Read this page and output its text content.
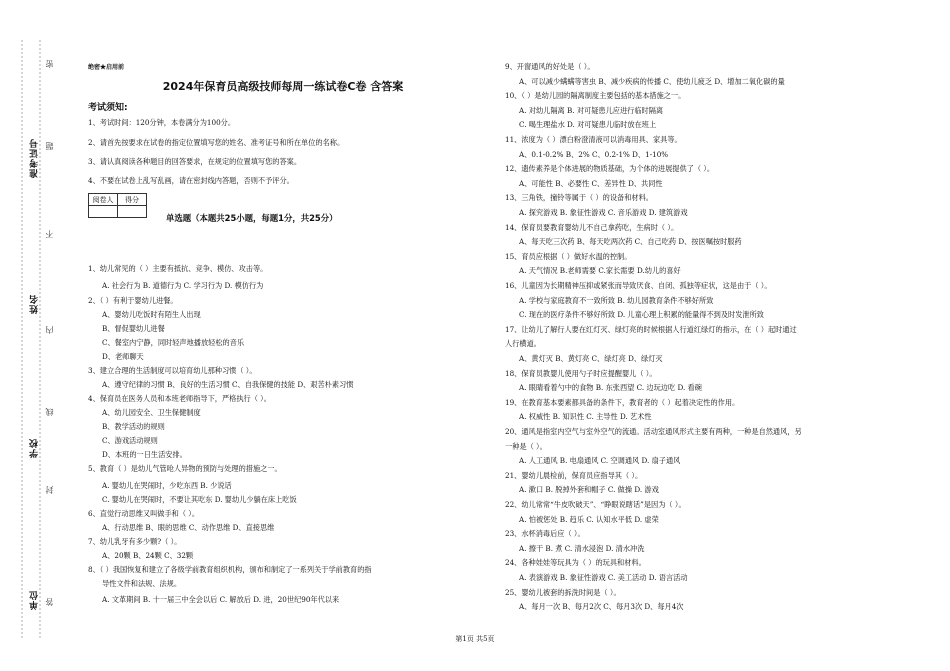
准考证号
姓名
学校
单位
密
题
不
内
线
封
答
绝密★启用前
2024年保育员高级技师每周一练试卷C卷 含答案
考试须知:
1、考试时间：120分钟，本卷满分为100分。
2、请首先按要求在试卷的指定位置填写您的姓名、准考证号和所在单位的名称。
3、请认真阅读各种题目的回答要求，在规定的位置填写您的答案。
4、不要在试卷上乱写乱画，请在密封线内答题，否则不予评分。
阅卷人	得分

单选题（本题共25小题，每题1分，共25分）
1、幼儿常见的（ ）主要有抵抗、竞争、模仿、攻击等。
A. 社会行为 B. 道德行为 C. 学习行为 D. 模仿行为
2、（ ）有利于婴幼儿进餐。
A、婴幼儿吃饭时有陌生人出现
B、督促婴幼儿进餐
C、餐室内宁静，同时轻声地播放轻松的音乐
D、老师聊天
3、建立合理的生活制度可以培育幼儿那种习惯（ ）。
A、遵守纪律的习惯 B、良好的生活习惯 C、自我保健的技能 D、艰苦朴素习惯
4、保育员在医务人员和本班老师指导下，严格执行（ ）。
A、幼儿园安全、卫生保健制度
B、教学活动的规则
C、游戏活动规则
D、本班的一日生活安排。
5、教育（ ）是幼儿气管呛人异物的预防与处理的措施之一。
A. 婴幼儿在哭闹时，少吃东西 B. 少说话
C. 婴幼儿在哭闹时，不要让其吃东 D. 婴幼儿少躺在床上吃饭
6、直觉行动思维又叫做手和（ ）。
A、行动思维 B、眼的思维 C、动作思维 D、直接思维
7、幼儿乳牙有多少颗?（ ）。
A、20颗 B、24颗 C、32颗
8、（ ）我国恢复和建立了各级学前教育组织机构，颁布和制定了一系列关于学前教育的指
导性文件和法规、法规。
A. 文革期间 B. 十一届三中全会以后 C. 解放后 D. 进，20世纪90年代以来
9、开窗通风的好处是（ ）。
A、可以减少螨螨等害虫 B、减少疾病的传播 C、使幼儿疲乏 D、增加二氧化碳的量
10、（ ）是幼儿园的隔离制度主要包括的基本措施之一。
A. 对幼儿隔离 B. 对可疑患儿应进行临时隔离
C. 喝生理盐水 D. 对可疑患儿临时放在班上
11、浓度为（ ）漂白粉澄清液可以消毒用具、家具等。
A、0.1-0.2% B、2% C、0.2-1% D、1-10%
12、遗传素养是个体进展的物质基础，为个体的进展提供了（ ）。
A、可能性 B、必要性 C、差异性 D、共同性
13、三角铁，撞铃等属于（ ）的设备和材料。
A. 探究游戏 B. 象征性游戏 C. 音乐游戏 D. 建筑游戏
14、保育员要教育婴幼儿不自己拿药吃，生病时（ ）。
A、每天吃三次药 B、每天吃两次药 C、自己吃药 D、按医嘱按时服药
15、育员应根据（ ）做好水温的控制。
A. 天气情况 B.老师需要 C.家长需要 D.幼儿的喜好
16、儿童因为长期精神压抑或紧张而导致厌食、自闭、孤独等症状，这是由于（ ）。
A. 学校与家庭教育不一致所致 B. 幼儿园教育条件不够好所致
C. 现在的医疗条件不够好所致 D. 儿童心理上积累的能量得不到及时发泄所致
17、让幼儿了解行人要在红灯灭、绿灯亮的时候根据人行道红绿灯的指示，在（ ）起时通过
人行横道。
A、黄灯灭 B、黄灯亮 C、绿灯亮 D、绿灯灭
18、保育员教婴儿使用勺子时应提醒婴儿（ ）。
A. 眼睛看着勺中的食物 B. 东张西望 C. 边玩边吃 D. 看碗
19、在教育基本要素都具备的条件下，教育者的（ ）起着决定性的作用。
A. 权威性 B. 知识性 C. 主导性 D. 艺术性
20、通风是指室内空气与室外空气的流通。活动室通风形式主要有两种，一种是自然通风，另
一种是（ ）。
A. 人工通风 B. 电扇通风 C. 空调通风 D. 扇子通风
21、婴幼儿晨检前，保育员应指导其（ ）。
A. 漱口 B. 脱掉外套和帽子 C. 做操 D. 游戏
22、幼儿常常“牛皮吹破天”、“睁眼说瞎话”是因为（ ）。
A. 怕被惩处 B. 趋乐 C. 认知水平低 D. 虚荣
23、水杯消毒后应（ ）。
A. 擦干 B. 煮 C. 清水浸泡 D. 清水冲洗
24、各种娃娃等玩具为（ ）的玩具和材料。
A. 表演游戏 B. 象征性游戏 C. 美工活动 D. 语言活动
25、婴幼儿被套的拆洗时间是（ ）。
A、每月一次 B、每月2次 C、每月3次 D、每月4次
第1页 共5页
